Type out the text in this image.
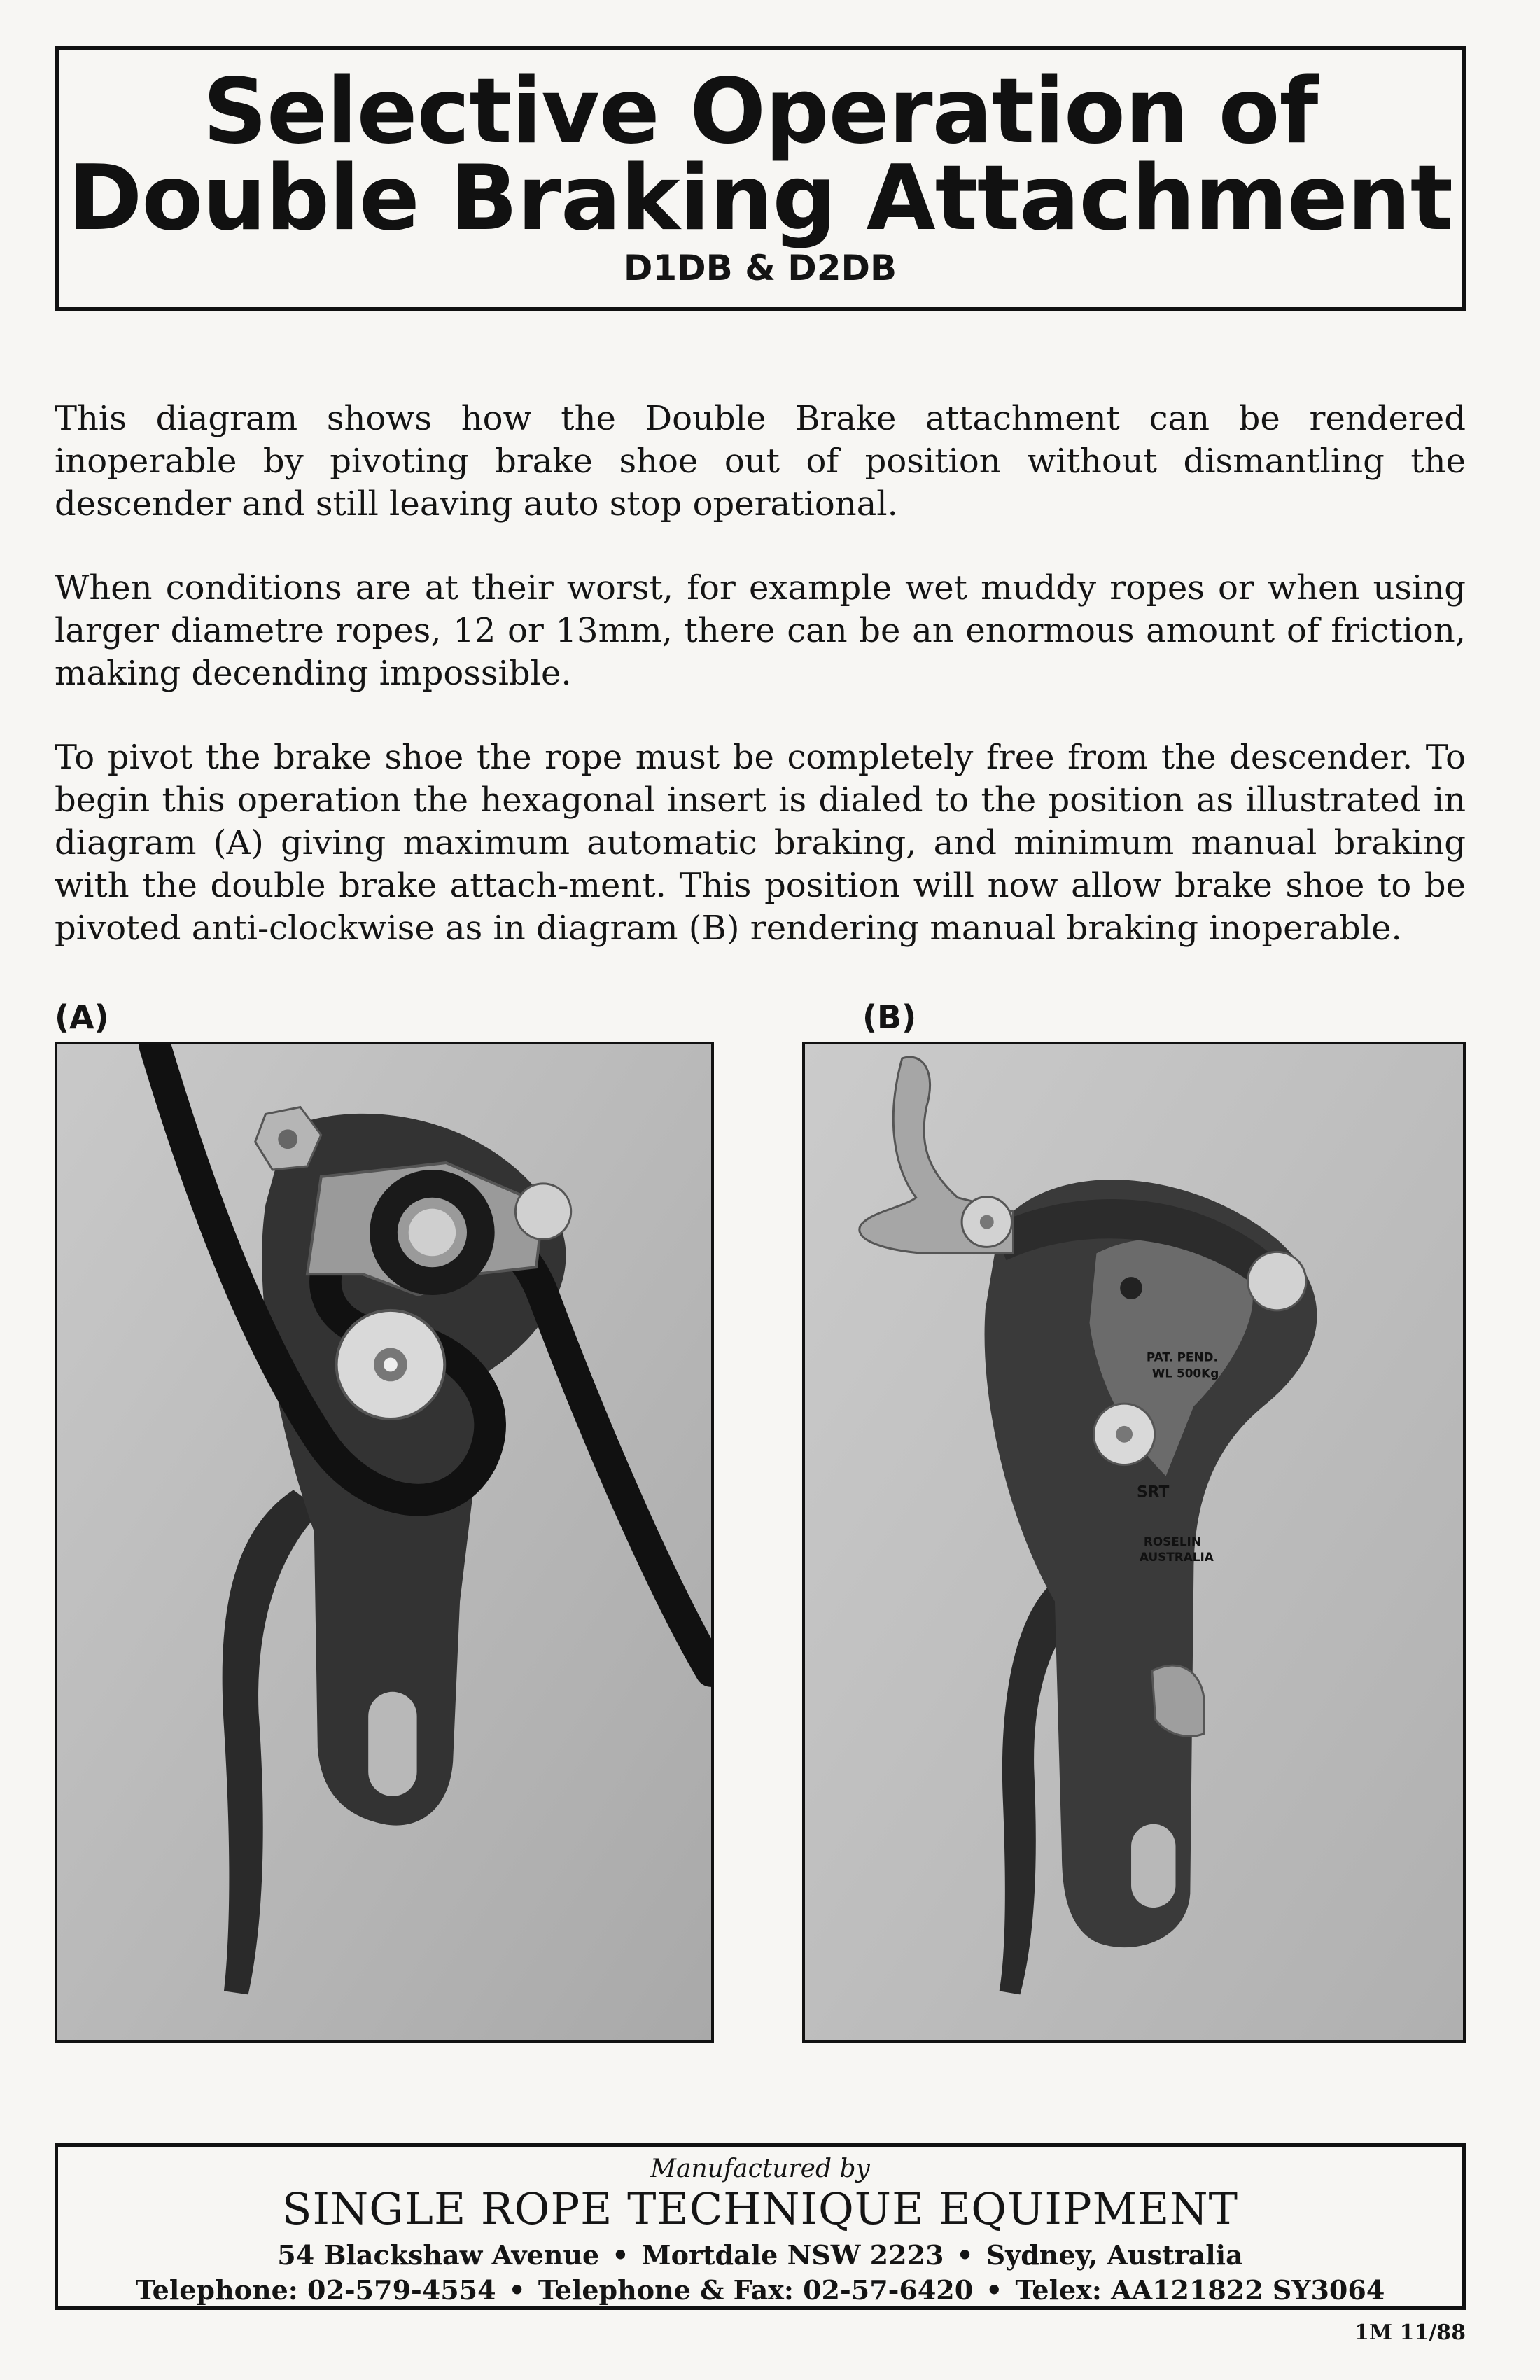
Selective Operation of
Double Braking Attachment
D1DB & D2DB

This diagram shows how the Double Brake attachment can be rendered inoperable by pivoting brake shoe out of position without dismantling the descender and still leaving auto stop operational.

When conditions are at their worst, for example wet muddy ropes or when using larger diametre ropes, 12 or 13mm, there can be an enormous amount of friction, making decending impossible.

To pivot the brake shoe the rope must be completely free from the descender. To begin this operation the hexagonal insert is dialed to the position as illustrated in diagram (A) giving maximum automatic braking, and minimum manual braking with the double brake attach-ment. This position will now allow brake shoe to be pivoted anti-clockwise as in diagram (B) rendering manual braking inoperable.

(A)	(B)
PAT. PEND.
WL 500Kg
SRT
ROSELIN
AUSTRALIA
Manufactured by
SINGLE ROPE TECHNIQUE EQUIPMENT
54 Blackshaw Avenue • Mortdale NSW 2223 • Sydney, Australia
Telephone: 02-579-4554 • Telephone & Fax: 02-57-6420 • Telex: AA121822 SY3064
1M 11/88
